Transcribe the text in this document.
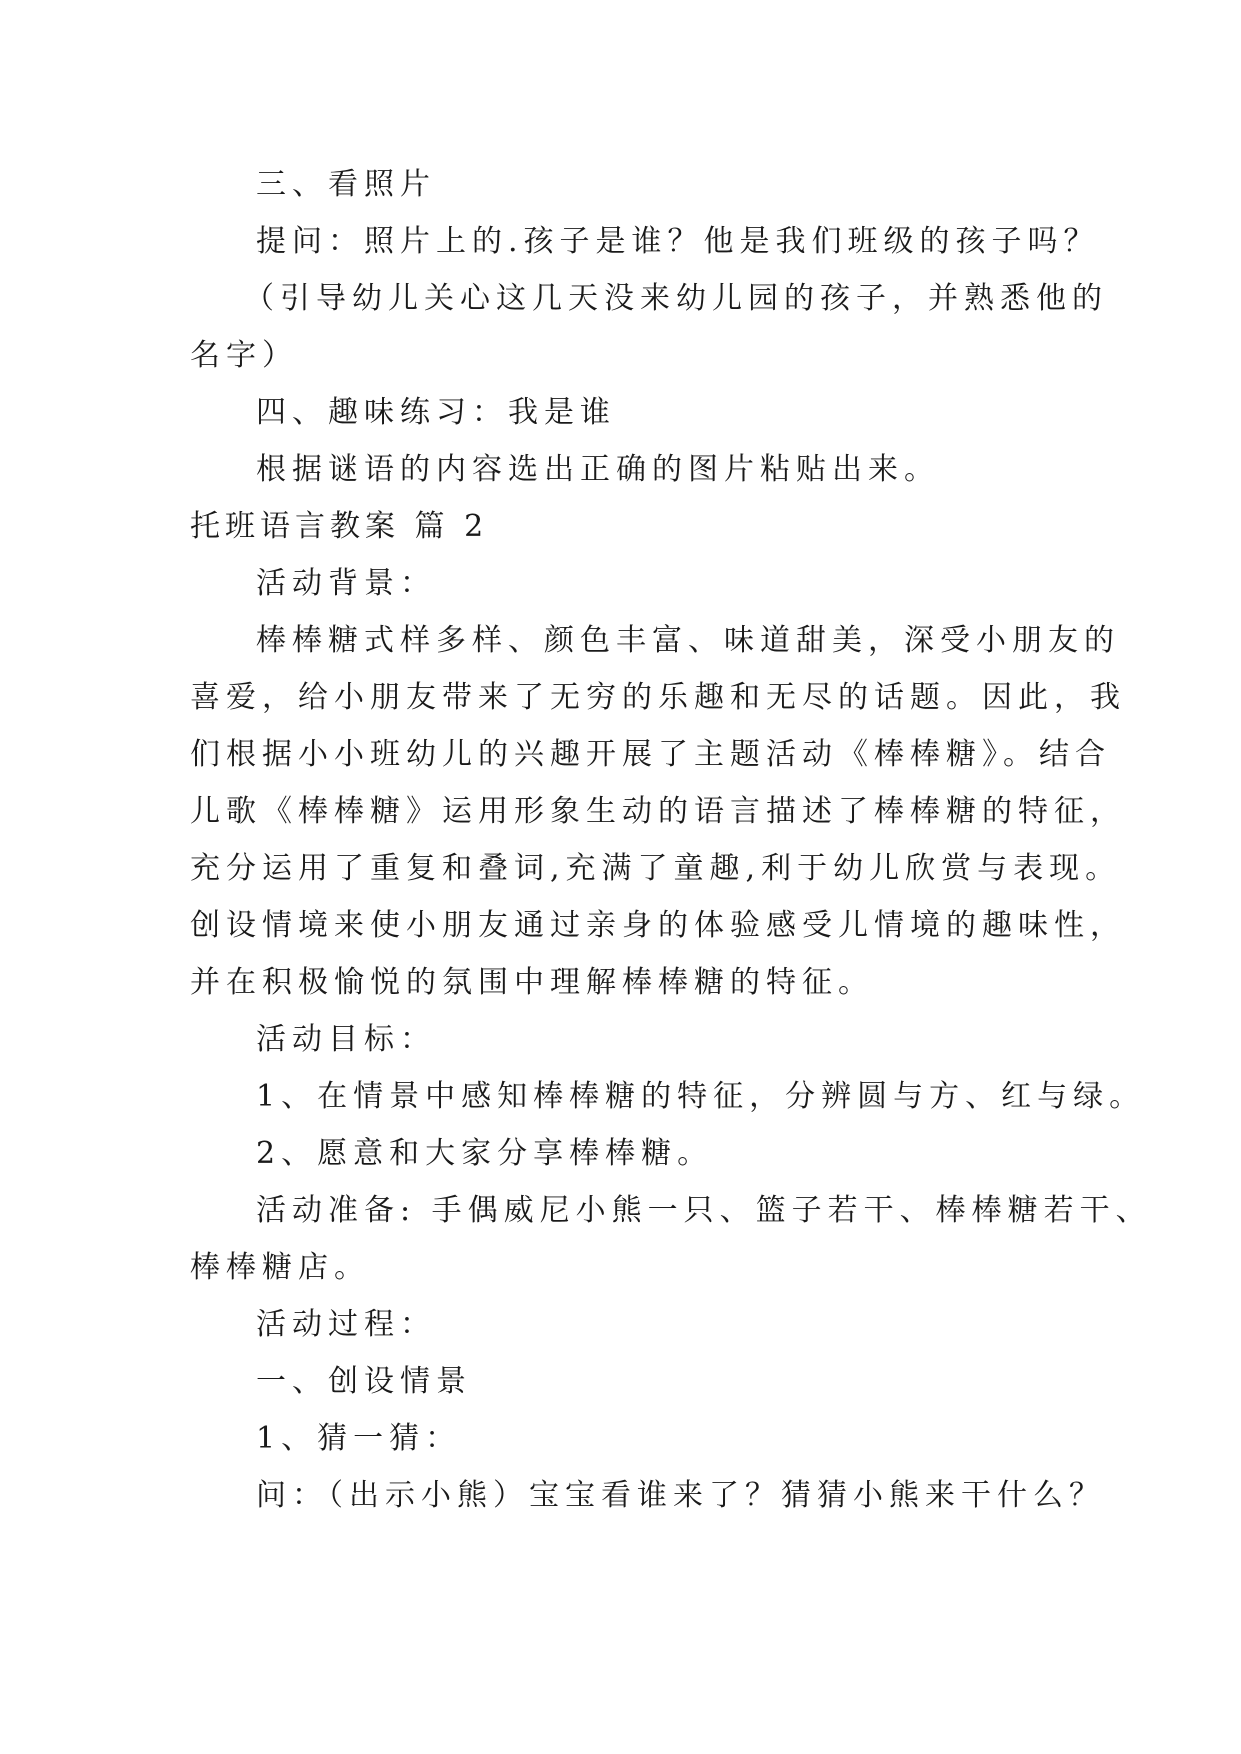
三、看照片

提问：照片上的.孩子是谁？他是我们班级的孩子吗？

（引导幼儿关心这几天没来幼儿园的孩子，并熟悉他的

名字）

四、趣味练习：我是谁

根据谜语的内容选出正确的图片粘贴出来。

托班语言教案 篇 2

活动背景：

棒棒糖式样多样、颜色丰富、味道甜美，深受小朋友的

喜爱，给小朋友带来了无穷的乐趣和无尽的话题。因此，我

们根据小小班幼儿的兴趣开展了主题活动《棒棒糖》。结合

儿歌《棒棒糖》运用形象生动的语言描述了棒棒糖的特征，

充分运用了重复和叠词,充满了童趣,利于幼儿欣赏与表现。

创设情境来使小朋友通过亲身的体验感受儿情境的趣味性，

并在积极愉悦的氛围中理解棒棒糖的特征。

活动目标：

1、在情景中感知棒棒糖的特征，分辨圆与方、红与绿。

2、愿意和大家分享棒棒糖。

活动准备: 手偶威尼小熊一只、篮子若干、棒棒糖若干、

棒棒糖店。

活动过程：

一、创设情景

1、猜一猜：

问：（出示小熊）宝宝看谁来了？猜猜小熊来干什么？
